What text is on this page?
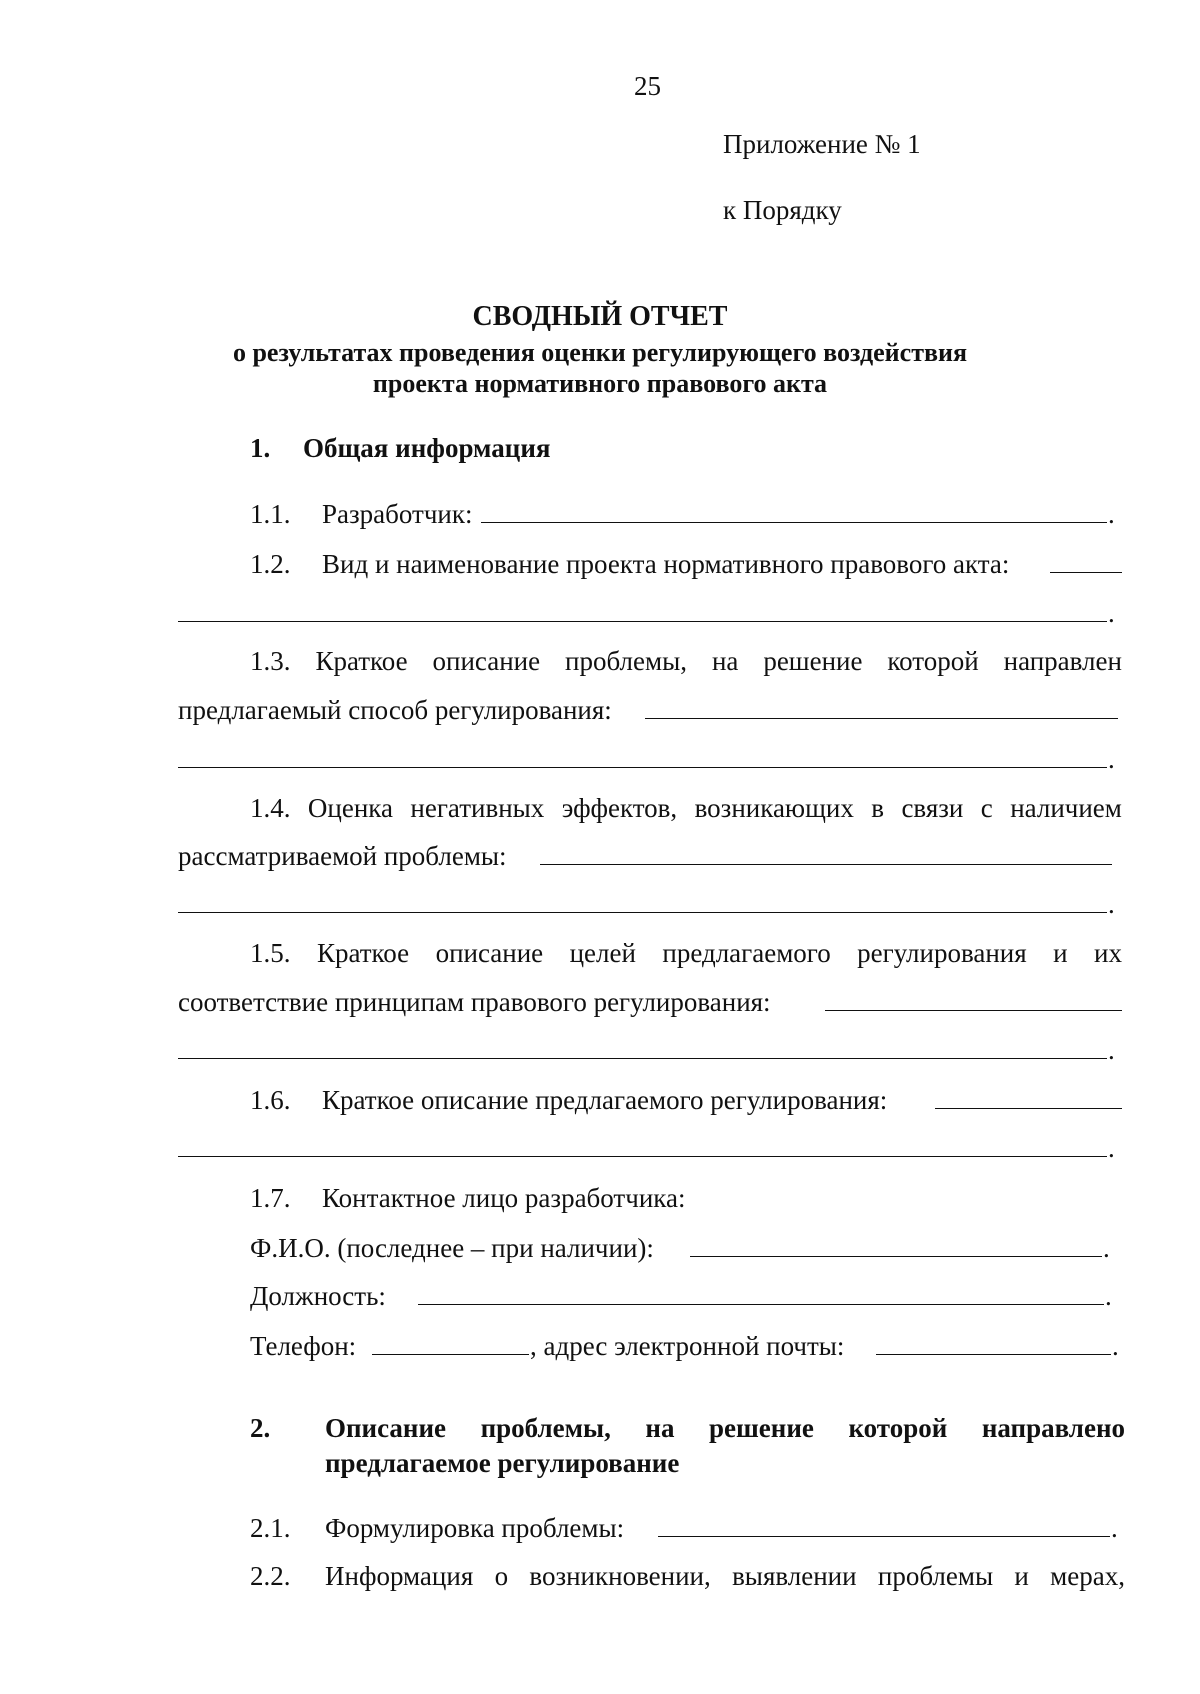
25
Приложение № 1
к Порядку
СВОДНЫЙ ОТЧЕТ
о результатах проведения оценки регулирующего воздействия
проекта нормативного правового акта
1. Общая информация
1.1. Разработчик:	.
1.2. Вид и наименование проекта нормативного правового акта:
.
1.3. Краткое описание проблемы, на решение которой направлен
предлагаемый способ регулирования:
.
1.4. Оценка негативных эффектов, возникающих в связи с наличием
рассматриваемой проблемы:
.
1.5. Краткое описание целей предлагаемого регулирования и их
соответствие принципам правового регулирования:
.
1.6. Краткое описание предлагаемого регулирования:
.
1.7. Контактное лицо разработчика:
Ф.И.О. (последнее – при наличии):	.
Должность:	.
Телефон:	, адрес электронной почты:	.
2. Описание проблемы, на решение которой направлено
предлагаемое регулирование
2.1. Формулировка проблемы:	.
2.2. Информация о возникновении, выявлении проблемы и мерах,
